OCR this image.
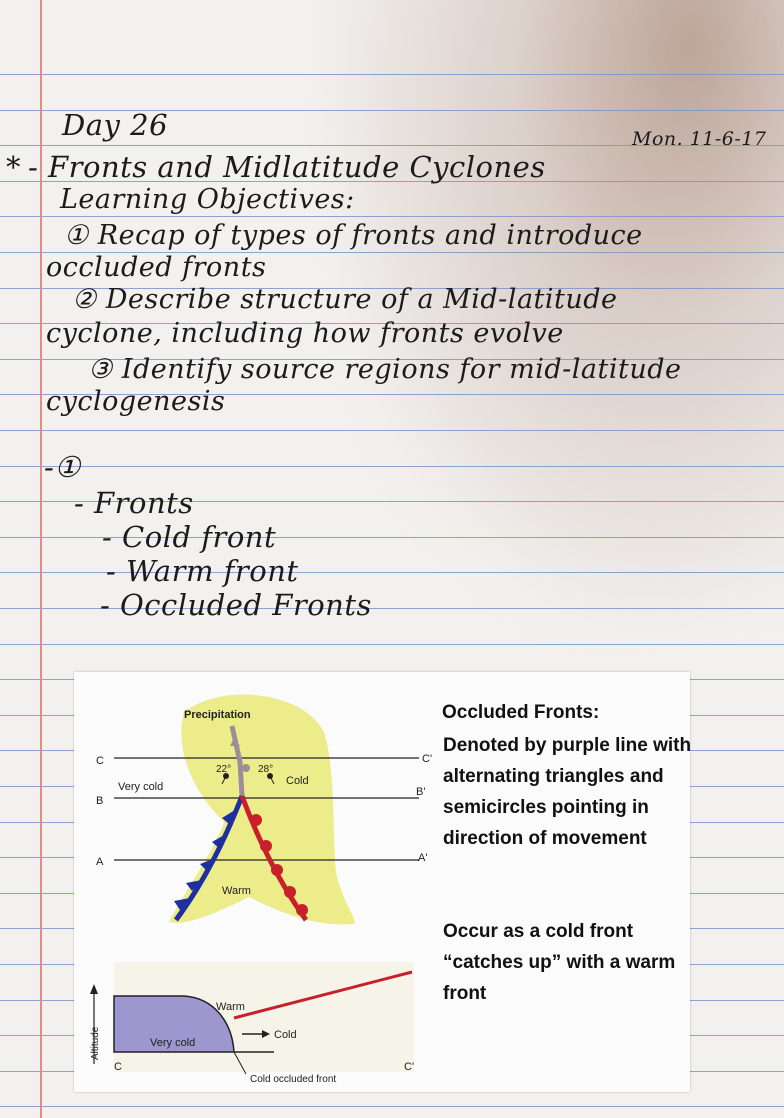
Day 26	Mon. 11-6-17
* - Fronts and Midlatitude Cyclones
Learning Objectives:
① Recap of types of fronts and introduce
occluded fronts
② Describe structure of a Mid-latitude
cyclone, including how fronts evolve
③ Identify source regions for mid-latitude
cyclogenesis
-①
- Fronts
- Cold front
- Warm front
- Occluded Fronts
Precipitation
C	C'
B
B'
A	A'
Very cold	Cold
22°	28°
Warm
Warm
Cold
Very cold
Altitude
C	C'
Cold occluded front
Occluded Fronts:
Denoted by purple line with alternating triangles and semicircles pointing in direction of movement
Occur as a cold front “catches up” with a warm front
